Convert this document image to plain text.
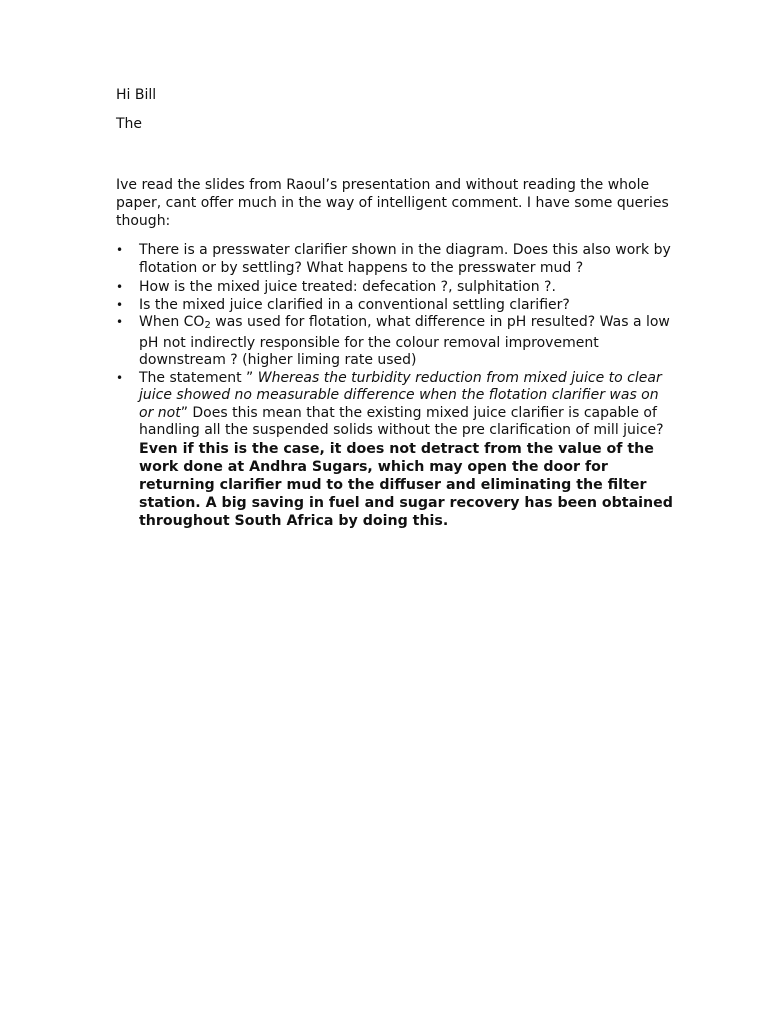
Hi Bill

The

Ive read the slides from Raoul’s presentation and without reading the whole paper, cant offer much in the way of intelligent comment. I have some queries though:

• There is a presswater clarifier shown in the diagram. Does this also work by flotation or by settling? What happens to the presswater mud ?
• How is the mixed juice treated: defecation ?, sulphitation ?.
• Is the mixed juice clarified in a conventional settling clarifier?
• When $CO_2$ was used for flotation, what difference in pH resulted? Was a low pH not indirectly responsible for the colour removal improvement downstream ? (higher liming rate used)
• The statement ” Whereas the turbidity reduction from mixed juice to clear juice showed no measurable difference when the flotation clarifier was on or not” Does this mean that the existing mixed juice clarifier is capable of handling all the suspended solids without the pre clarification of mill juice?
Even if this is the case, it does not detract from the value of the work done at Andhra Sugars, which may open the door for returning clarifier mud to the diffuser and eliminating the filter station. A big saving in fuel and sugar recovery has been obtained throughout South Africa by doing this.
